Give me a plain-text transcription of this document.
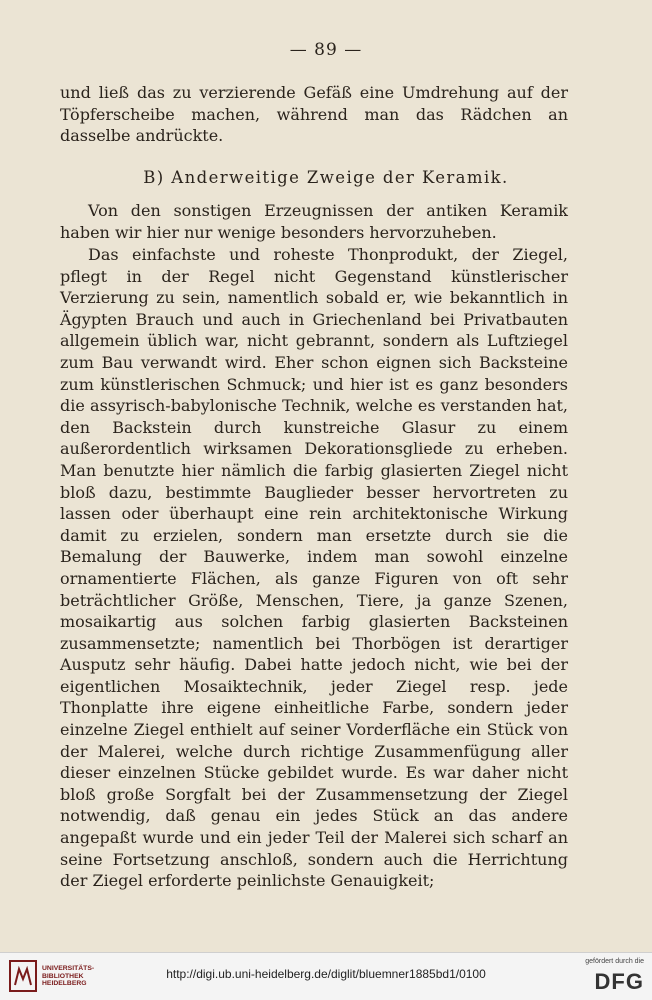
— 89 —

und ließ das zu verzierende Gefäß eine Umdrehung auf der Töpferscheibe machen, während man das Rädchen an dasselbe andrückte.

B) Anderweitige Zweige der Keramik.

Von den sonstigen Erzeugnissen der antiken Keramik haben wir hier nur wenige besonders hervorzuheben.

Das einfachste und roheste Thonprodukt, der Ziegel, pflegt in der Regel nicht Gegenstand künstlerischer Verzierung zu sein, namentlich sobald er, wie bekanntlich in Ägypten Brauch und auch in Griechenland bei Privatbauten allgemein üblich war, nicht gebrannt, sondern als Luftziegel zum Bau verwandt wird. Eher schon eignen sich Backsteine zum künstlerischen Schmuck; und hier ist es ganz besonders die assyrisch-babylonische Technik, welche es verstanden hat, den Backstein durch kunstreiche Glasur zu einem außerordentlich wirksamen Dekorationsgliede zu erheben. Man benutzte hier nämlich die farbig glasierten Ziegel nicht bloß dazu, bestimmte Bauglieder besser hervortreten zu lassen oder überhaupt eine rein architektonische Wirkung damit zu erzielen, sondern man ersetzte durch sie die Bemalung der Bauwerke, indem man sowohl einzelne ornamentierte Flächen, als ganze Figuren von oft sehr beträchtlicher Größe, Menschen, Tiere, ja ganze Szenen, mosaikartig aus solchen farbig glasierten Backsteinen zusammensetzte; namentlich bei Thorbögen ist derartiger Ausputz sehr häufig. Dabei hatte jedoch nicht, wie bei der eigentlichen Mosaiktechnik, jeder Ziegel resp. jede Thonplatte ihre eigene einheitliche Farbe, sondern jeder einzelne Ziegel enthielt auf seiner Vorderfläche ein Stück von der Malerei, welche durch richtige Zusammenfügung aller dieser einzelnen Stücke gebildet wurde. Es war daher nicht bloß große Sorgfalt bei der Zusammensetzung der Ziegel notwendig, daß genau ein jedes Stück an das andere angepaßt wurde und ein jeder Teil der Malerei sich scharf an seine Fortsetzung anschloß, sondern auch die Herrichtung der Ziegel erforderte peinlichste Genauigkeit;

UNIVERSITÄTS-
BIBLIOTHEK
HEIDELBERG
http://digi.ub.uni-heidelberg.de/diglit/bluemner1885bd1/0100
gefördert durch die
DFG
